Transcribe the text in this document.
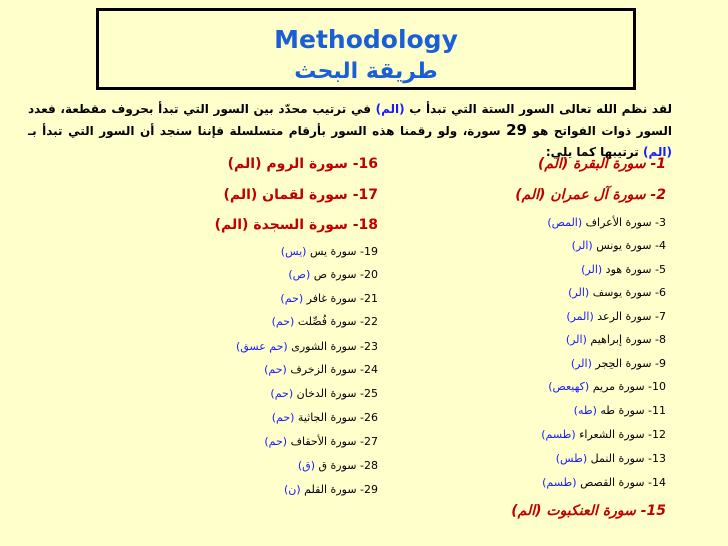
Methodology
طريقة البحث
لقد نظم الله تعالى السور الستة التي تبدأ ب (الم) في ترتيب محدّد بين السور التي تبدأ بحروف مقطعة، فعدد السور ذوات الفواتح هو 29 سورة، ولو رقمنا هذه السور بأرقام متسلسلة فإننا سنجد أن السور التي تبدأ بـ (الم) ترتيبها كما يلي:
1- سورة البقرة (الم)
2- سورة آل عمران (الم)
3- سورة الأعراف (المص)
4- سورة يونس (الر)
5- سورة هود (الر)
6- سورة يوسف (الر)
7- سورة الرعد (المر)
8- سورة إبراهيم (الر)
9- سورة الحِجر (الر)
10- سورة مريم (كهيعص)
11- سورة طه (طه)
12- سورة الشعراء (طسم)
13- سورة النمل (طس)
14- سورة القصص (طسم)
15- سورة العنكبوت (الم)
16- سورة الروم (الم)
17- سورة لقمان (الم)
18- سورة السجدة (الم)
19- سورة يس (يس)
20- سورة ص (ص)
21- سورة غافر (حم)
22- سورة فُصِّلت (حم)
23- سورة الشورى (حم عسق)
24- سورة الزخرف (حم)
25- سورة الدخان (حم)
26- سورة الجاثية (حم)
27- سورة الأحقاف (حم)
28- سورة ق (ق)
29- سورة القلم (ن)
